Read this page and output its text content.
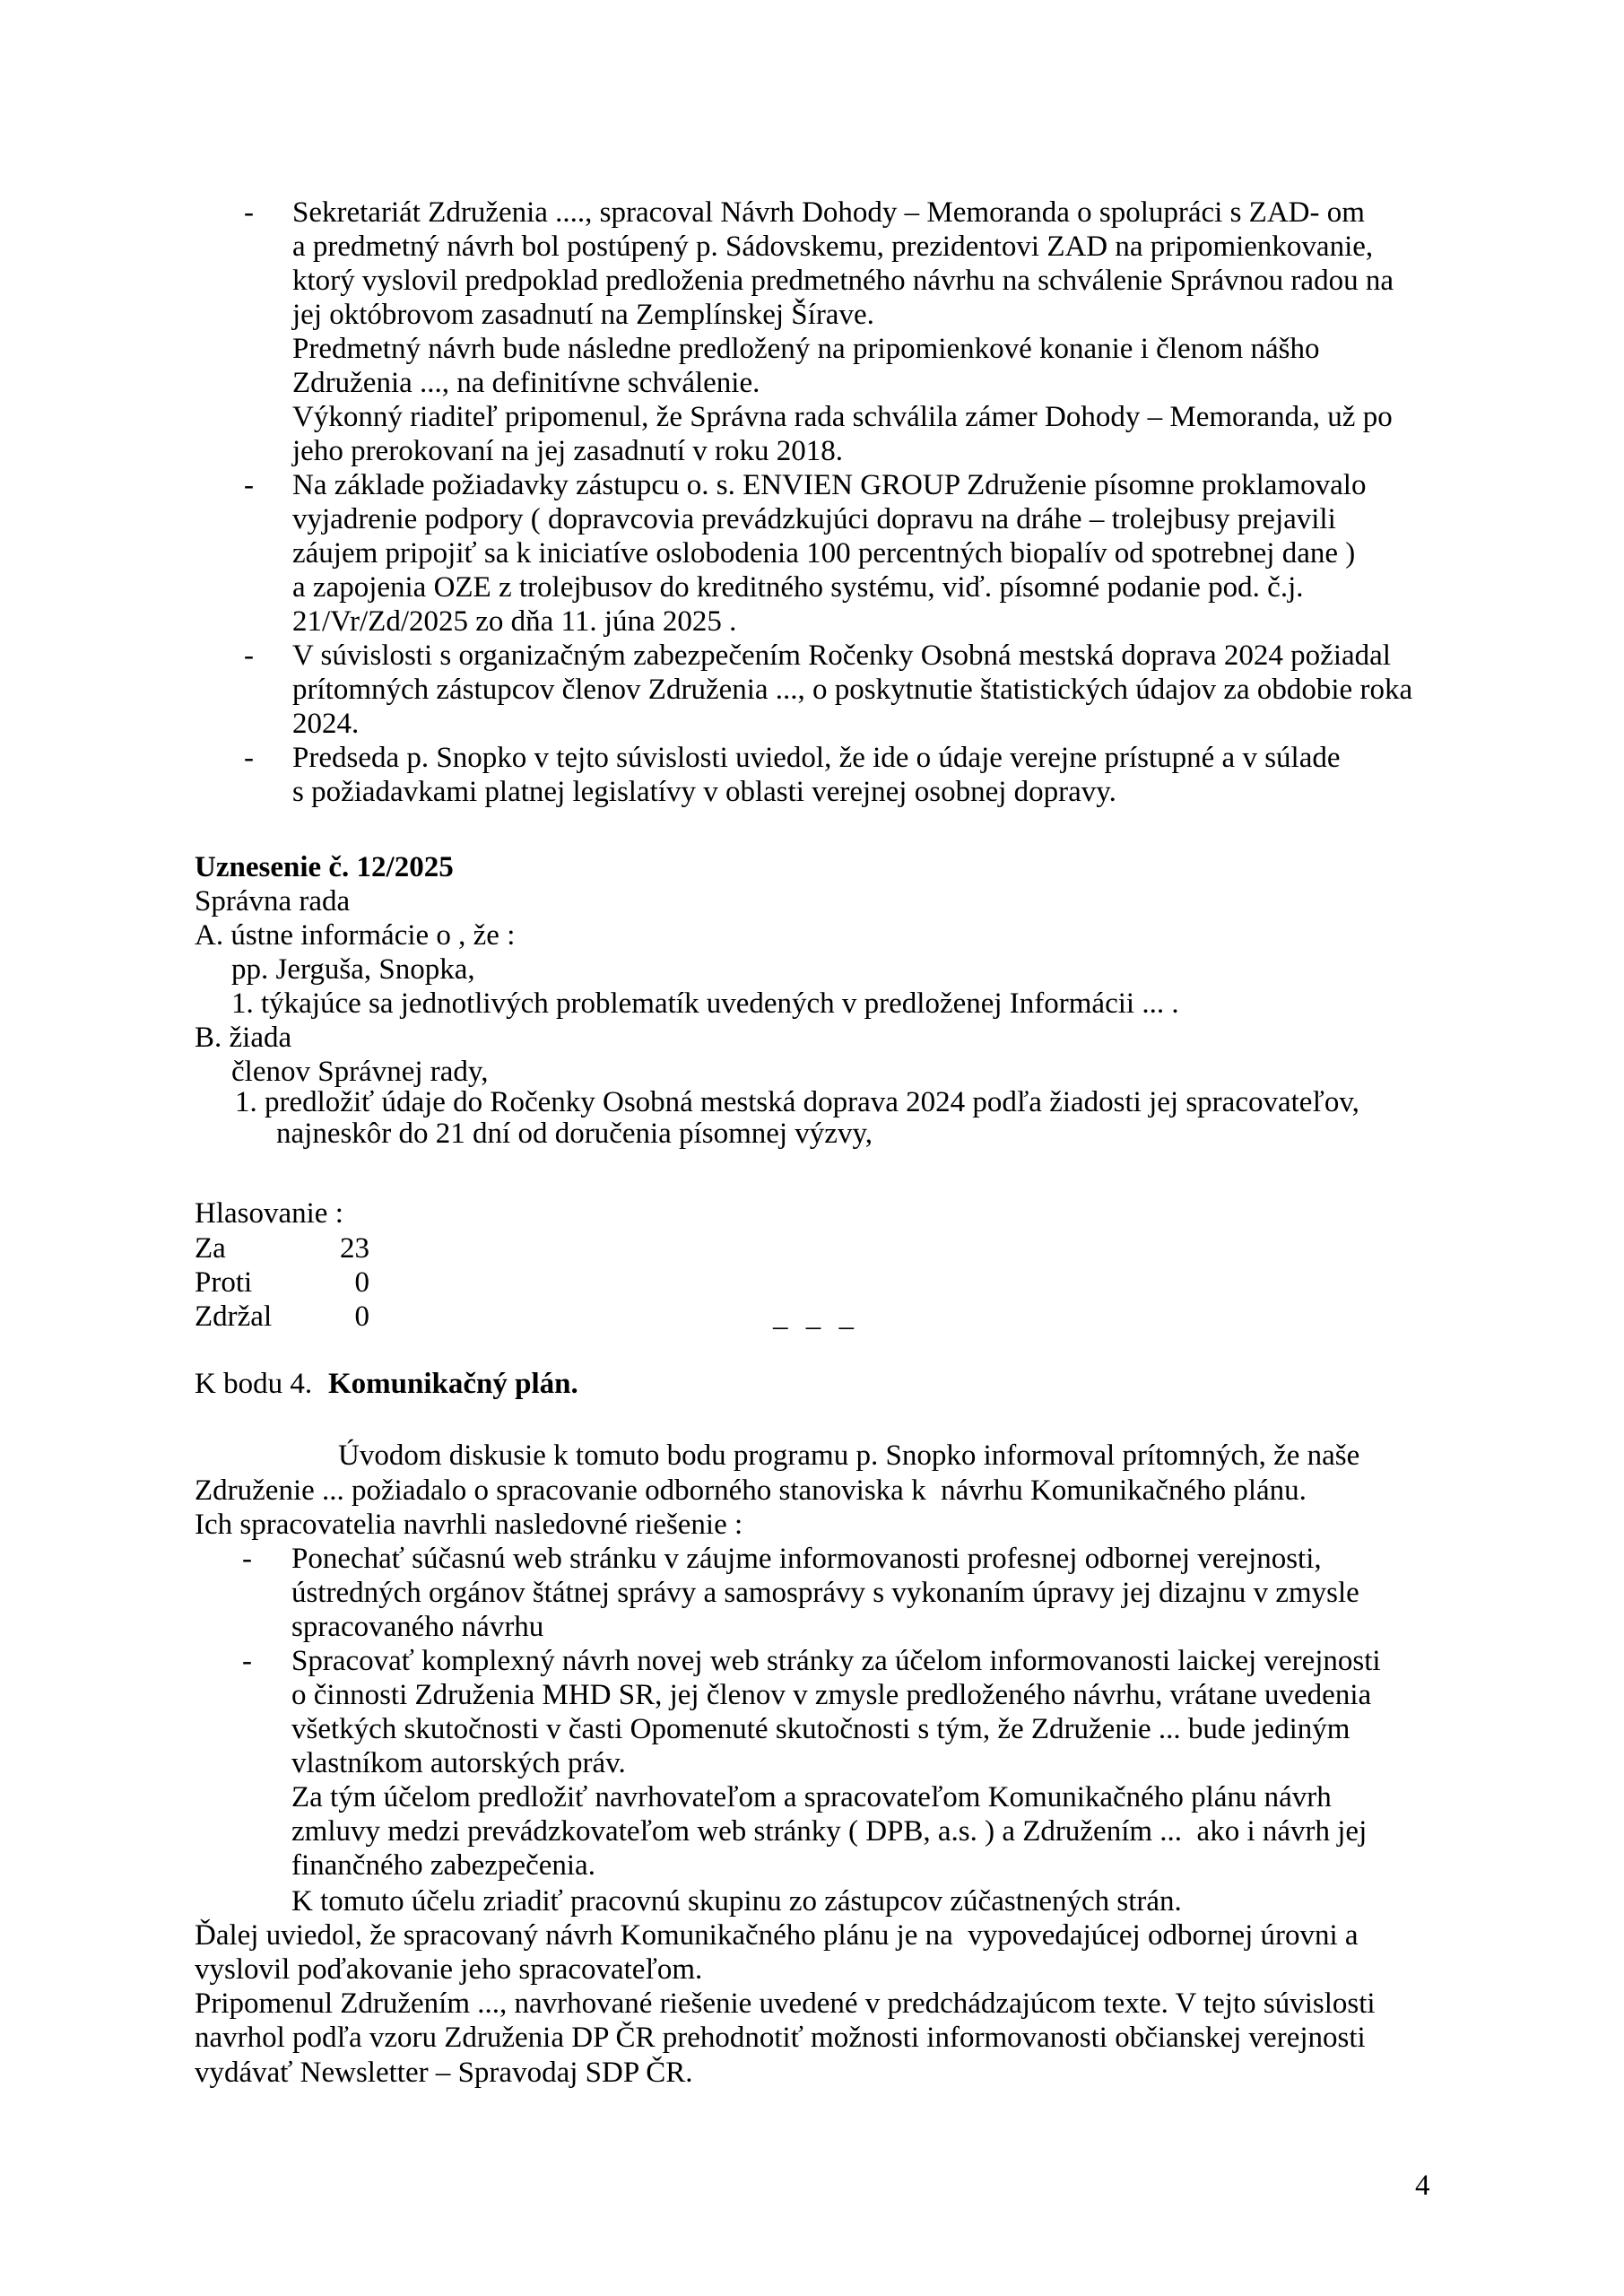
- Sekretariát Združenia ...., spracoval Návrh Dohody – Memoranda o spolupráci s ZAD- om
a predmetný návrh bol postúpený p. Sádovskemu, prezidentovi ZAD na pripomienkovanie,
ktorý vyslovil predpoklad predloženia predmetného návrhu na schválenie Správnou radou na
jej októbrovom zasadnutí na Zemplínskej Šírave.
Predmetný návrh bude následne predložený na pripomienkové konanie i členom nášho
Združenia ..., na definitívne schválenie.
Výkonný riaditeľ pripomenul, že Správna rada schválila zámer Dohody – Memoranda, už po
jeho prerokovaní na jej zasadnutí v roku 2018.
- Na základe požiadavky zástupcu o. s. ENVIEN GROUP Združenie písomne proklamovalo
vyjadrenie podpory ( dopravcovia prevádzkujúci dopravu na dráhe – trolejbusy prejavili
záujem pripojiť sa k iniciatíve oslobodenia 100 percentných biopalív od spotrebnej dane )
a zapojenia OZE z trolejbusov do kreditného systému, viď. písomné podanie pod. č.j.
21/Vr/Zd/2025 zo dňa 11. júna 2025 .
- V súvislosti s organizačným zabezpečením Ročenky Osobná mestská doprava 2024 požiadal
prítomných zástupcov členov Združenia ..., o poskytnutie štatistických údajov za obdobie roka
2024.
- Predseda p. Snopko v tejto súvislosti uviedol, že ide o údaje verejne prístupné a v súlade
s požiadavkami platnej legislatívy v oblasti verejnej osobnej dopravy.
Uznesenie č. 12/2025
Správna rada
A. ústne informácie o , že :
pp. Jerguša, Snopka,
1. týkajúce sa jednotlivých problematík uvedených v predloženej Informácii ... .
B. žiada
členov Správnej rady,
1. predložiť údaje do Ročenky Osobná mestská doprava 2024 podľa žiadosti jej spracovateľov,
najneskôr do 21 dní od doručenia písomnej výzvy,
Hlasovanie :
Za	23
Proti	0
Zdržal	0	– – –
K bodu 4. Komunikačný plán.
Úvodom diskusie k tomuto bodu programu p. Snopko informoval prítomných, že naše
Združenie ... požiadalo o spracovanie odborného stanoviska k  návrhu Komunikačného plánu.
Ich spracovatelia navrhli nasledovné riešenie :
- Ponechať súčasnú web stránku v záujme informovanosti profesnej odbornej verejnosti,
ústredných orgánov štátnej správy a samosprávy s vykonaním úpravy jej dizajnu v zmysle
spracovaného návrhu
- Spracovať komplexný návrh novej web stránky za účelom informovanosti laickej verejnosti
o činnosti Združenia MHD SR, jej členov v zmysle predloženého návrhu, vrátane uvedenia
všetkých skutočnosti v časti Opomenuté skutočnosti s tým, že Združenie ... bude jediným
vlastníkom autorských práv.
Za tým účelom predložiť navrhovateľom a spracovateľom Komunikačného plánu návrh
zmluvy medzi prevádzkovateľom web stránky ( DPB, a.s. ) a Združením ...  ako i návrh jej
finančného zabezpečenia.
K tomuto účelu zriadiť pracovnú skupinu zo zástupcov zúčastnených strán.
Ďalej uviedol, že spracovaný návrh Komunikačného plánu je na  vypovedajúcej odbornej úrovni a
vyslovil poďakovanie jeho spracovateľom.
Pripomenul Združením ..., navrhované riešenie uvedené v predchádzajúcom texte. V tejto súvislosti
navrhol podľa vzoru Združenia DP ČR prehodnotiť možnosti informovanosti občianskej verejnosti
vydávať Newsletter – Spravodaj SDP ČR.
4
